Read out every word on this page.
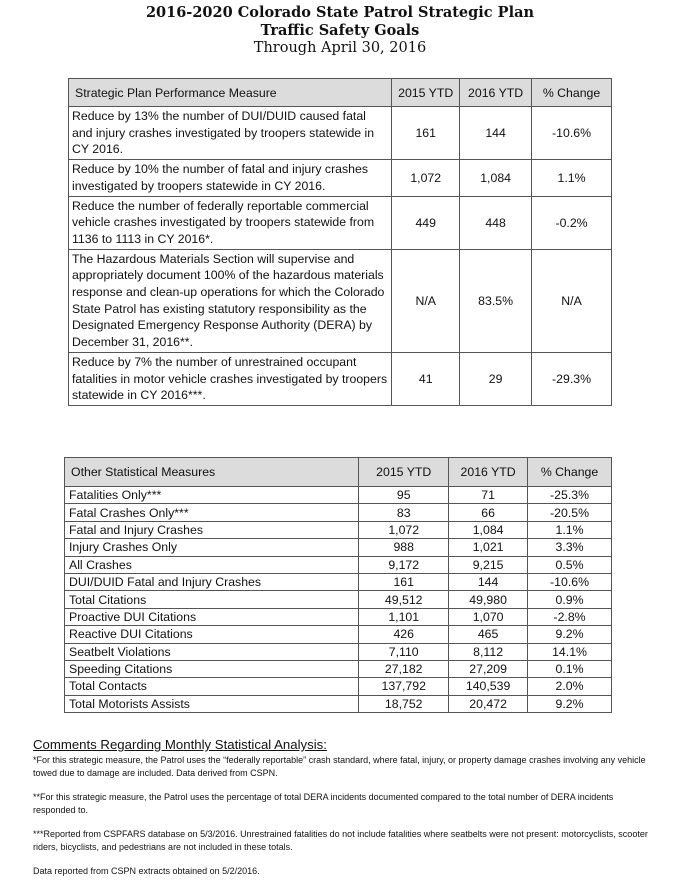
2016-2020 Colorado State Patrol Strategic Plan
Traffic Safety Goals
Through April 30, 2016
Strategic Plan Performance Measure	2015 YTD	2016 YTD	% Change
Reduce by 13% the number of DUI/DUID caused fatal and injury crashes investigated by troopers statewide in CY 2016.	161	144	-10.6%
Reduce by 10% the number of fatal and injury crashes investigated by troopers statewide in CY 2016.	1,072	1,084	1.1%
Reduce the number of federally reportable commercial vehicle crashes investigated by troopers statewide from 1136 to 1113 in CY 2016*.	449	448	-0.2%
The Hazardous Materials Section will supervise and appropriately document 100% of the hazardous materials response and clean-up operations for which the Colorado State Patrol has existing statutory responsibility as the Designated Emergency Response Authority (DERA) by December 31, 2016**.	N/A	83.5%	N/A
Reduce by 7% the number of unrestrained occupant fatalities in motor vehicle crashes investigated by troopers statewide in CY 2016***.	41	29	-29.3%
Other Statistical Measures	2015 YTD	2016 YTD	% Change
Fatalities Only***	95	71	-25.3%
Fatal Crashes Only***	83	66	-20.5%
Fatal and Injury Crashes	1,072	1,084	1.1%
Injury Crashes Only	988	1,021	3.3%
All Crashes	9,172	9,215	0.5%
DUI/DUID Fatal and Injury Crashes	161	144	-10.6%
Total Citations	49,512	49,980	0.9%
Proactive DUI Citations	1,101	1,070	-2.8%
Reactive DUI Citations	426	465	9.2%
Seatbelt Violations	7,110	8,112	14.1%
Speeding Citations	27,182	27,209	0.1%
Total Contacts	137,792	140,539	2.0%
Total Motorists Assists	18,752	20,472	9.2%
Comments Regarding Monthly Statistical Analysis:

*For this strategic measure, the Patrol uses the “federally reportable” crash standard, where fatal, injury, or property damage crashes involving any vehicle towed due to damage are included. Data derived from CSPN.

**For this strategic measure, the Patrol uses the percentage of total DERA incidents documented compared to the total number of DERA incidents responded to.

***Reported from CSPFARS database on 5/3/2016. Unrestrained fatalities do not include fatalities where seatbelts were not present: motorcyclists, scooter riders, bicyclists, and pedestrians are not included in these totals.

Data reported from CSPN extracts obtained on 5/2/2016.
